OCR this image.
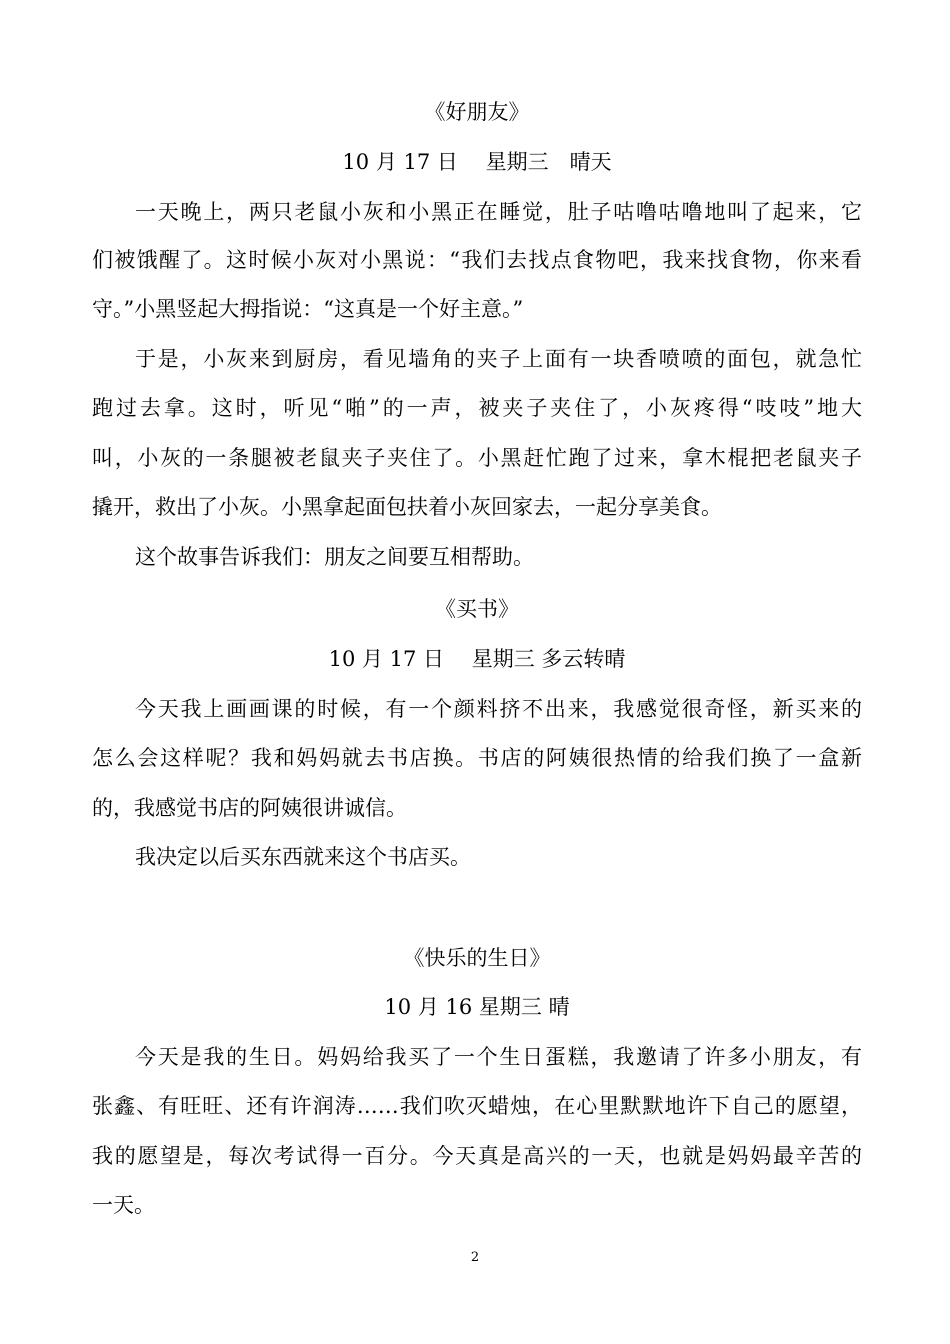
《好朋友》
10 月 17 日　 星期三　晴天
一天晚上，两只老鼠小灰和小黑正在睡觉，肚子咕噜咕噜地叫了起来，它
们被饿醒了。这时候小灰对小黑说：“我们去找点食物吧，我来找食物，你来看
守。”小黑竖起大拇指说：“这真是一个好主意。”
于是，小灰来到厨房，看见墙角的夹子上面有一块香喷喷的面包，就急忙
跑过去拿。这时，听见“啪”的一声，被夹子夹住了，小灰疼得“吱吱”地大
叫，小灰的一条腿被老鼠夹子夹住了。小黑赶忙跑了过来，拿木棍把老鼠夹子
撬开，救出了小灰。小黑拿起面包扶着小灰回家去，一起分享美食。
这个故事告诉我们：朋友之间要互相帮助。
《买书》
10 月 17 日　 星期三 多云转晴
今天我上画画课的时候，有一个颜料挤不出来，我感觉很奇怪，新买来的
怎么会这样呢？我和妈妈就去书店换。书店的阿姨很热情的给我们换了一盒新
的，我感觉书店的阿姨很讲诚信。
我决定以后买东西就来这个书店买。
《快乐的生日》
10 月 16 星期三 晴
今天是我的生日。妈妈给我买了一个生日蛋糕，我邀请了许多小朋友，有
张鑫、有旺旺、还有许润涛……我们吹灭蜡烛，在心里默默地许下自己的愿望，
我的愿望是，每次考试得一百分。今天真是高兴的一天，也就是妈妈最辛苦的
一天。
2
